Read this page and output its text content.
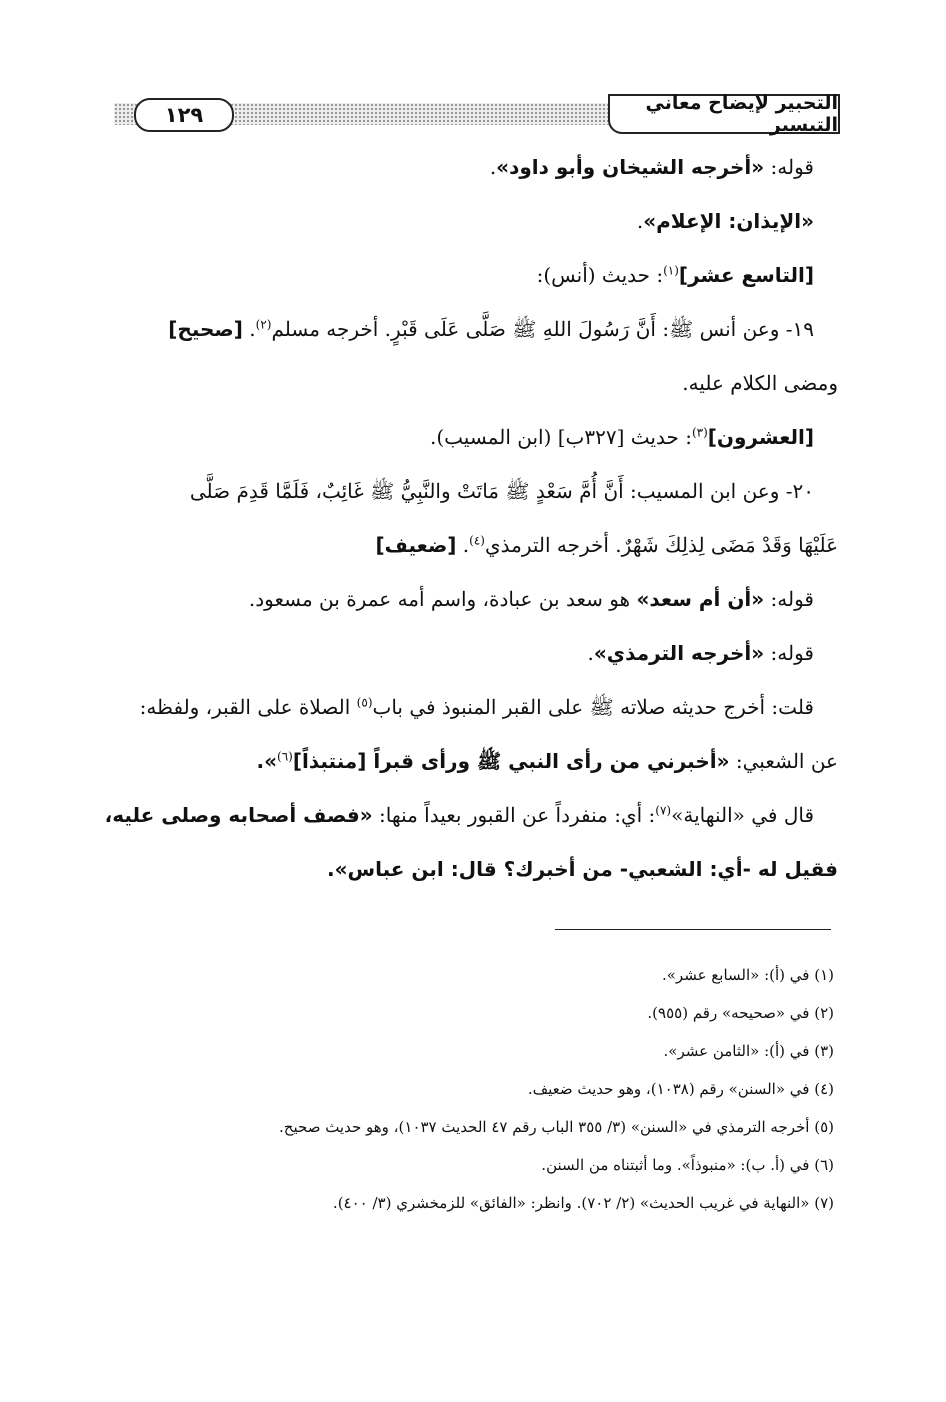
١٢٩	التحبير لإيضاح معاني التيسير

قوله: «أخرجه الشيخان وأبو داود».

«الإيذان: الإعلام».

[التاسع عشر]$^{(١)}$: حديث (أنس):

١٩- وعن أنس ﷺ: أَنَّ رَسُولَ اللهِ ﷺ صَلَّى عَلَى قَبْرٍ. أخرجه مسلم$^{(٢)}$. [صحيح]

ومضى الكلام عليه.

[العشرون]$^{(٣)}$: حديث [٣٢٧ب] (ابن المسيب).

٢٠- وعن ابن المسيب: أَنَّ أُمَّ سَعْدٍ ﷺ مَاتَتْ والنَّبِيُّ ﷺ غَائِبٌ، فَلَمَّا قَدِمَ صَلَّى

عَلَيْهَا وَقَدْ مَضَى لِذلِكَ شَهْرٌ. أخرجه الترمذي$^{(٤)}$. [ضعيف]

قوله: «أن أم سعد» هو سعد بن عبادة، واسم أمه عمرة بن مسعود.

قوله: «أخرجه الترمذي».

قلت: أخرج حديثه صلاته ﷺ على القبر المنبوذ في باب$^{(٥)}$ الصلاة على القبر، ولفظه:

عن الشعبي: «أخبرني من رأى النبي ﷺ ورأى قبراً [منتبذاً]$^{(٦)}$».

قال في «النهاية»$^{(٧)}$: أي: منفرداً عن القبور بعيداً منها: «فصف أصحابه وصلى عليه،

فقيل له -أي: الشعبي- من أخبرك؟ قال: ابن عباس».

(١) في (أ): «السابع عشر».

(٢) في «صحيحه» رقم (٩٥٥).

(٣) في (أ): «الثامن عشر».

(٤) في «السنن» رقم (١٠٣٨)، وهو حديث ضعيف.

(٥) أخرجه الترمذي في «السنن» (٣/ ٣٥٥ الباب رقم ٤٧ الحديث ١٠٣٧)، وهو حديث صحيح.

(٦) في (أ. ب): «منبوذاً». وما أثبتناه من السنن.

(٧) «النهاية في غريب الحديث» (٢/ ٧٠٢). وانظر: «الفائق» للزمخشري (٣/ ٤٠٠).
